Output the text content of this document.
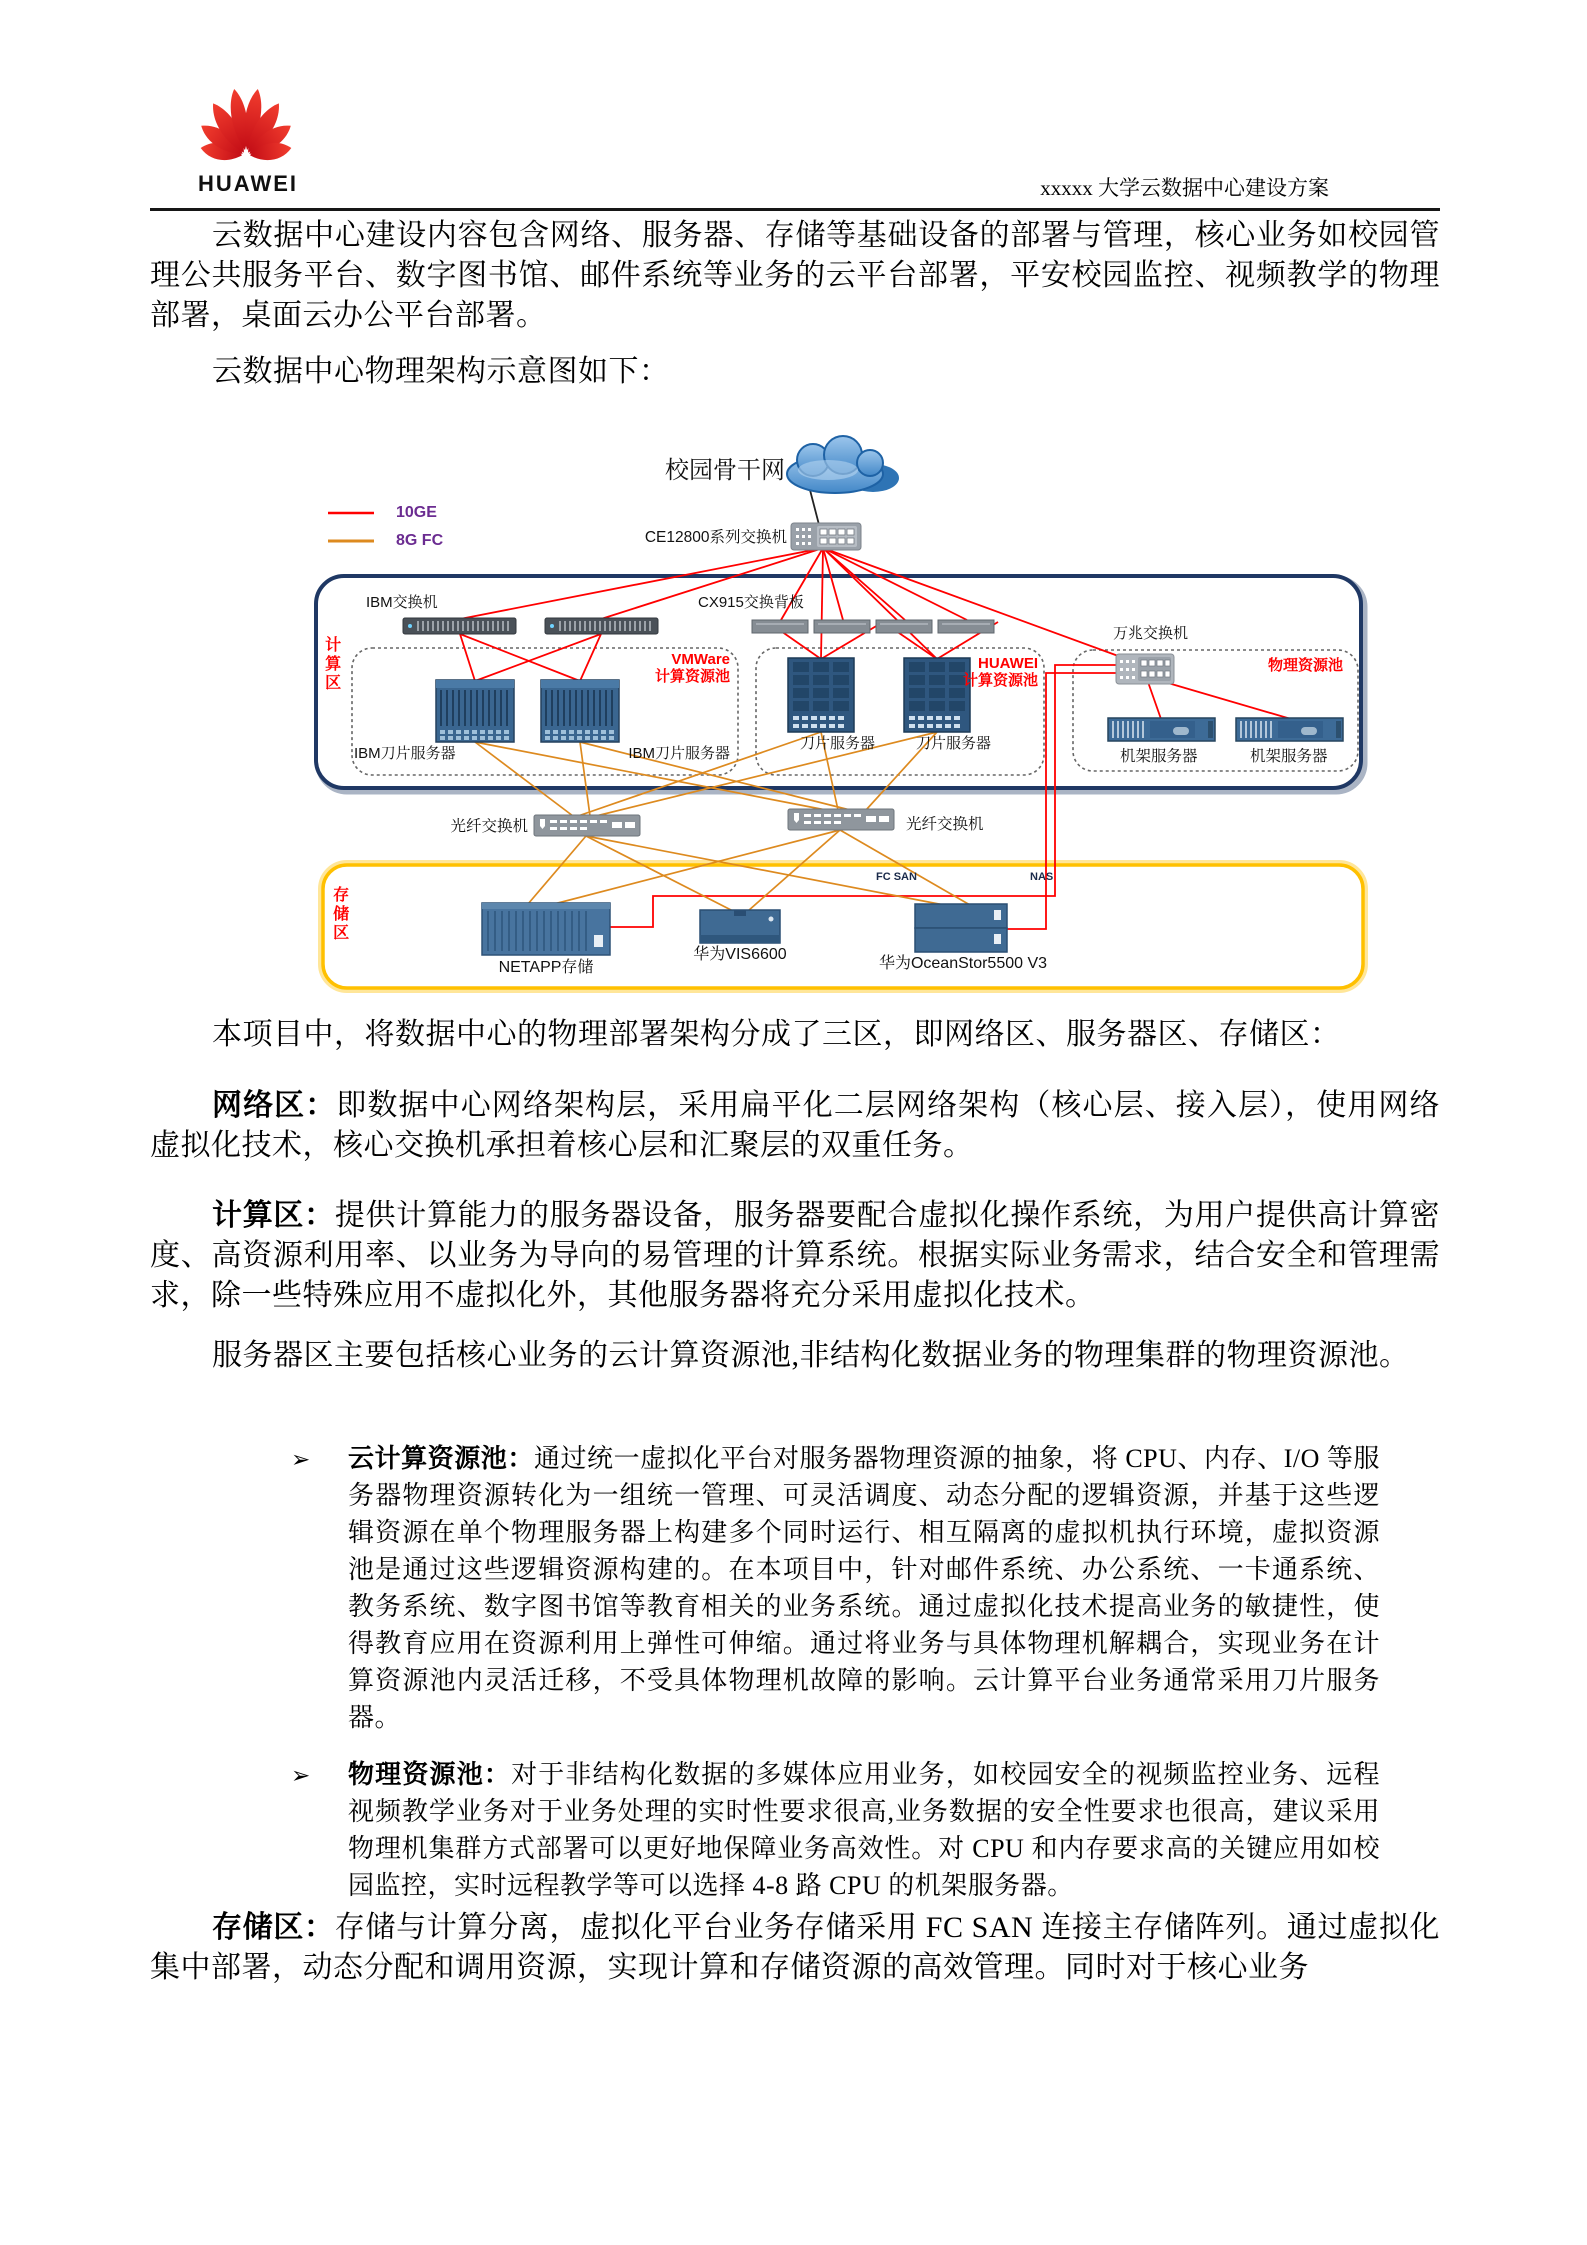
HUAWEI	xxxxx 大学云数据中心建设方案
云数据中心建设内容包含网络、服务器、存储等基础设备的部署与管理，核心业务如校园管理公共服务平台、数字图书馆、邮件系统等业务的云平台部署，平安校园监控、视频教学的物理部署，桌面云办公平台部署。
云数据中心物理架构示意图如下：
校园骨干网
CE12800系列交换机
10GE
8G FC
计算区
IBM交换机	CX915交换背板
万兆交换机
VMWare
计算资源池
HUAWEI
计算资源池
物理资源池
IBM刀片服务器	IBM刀片服务器
刀片服务器	刀片服务器
机架服务器	机架服务器
光纤交换机	光纤交换机
FC SAN	NAS
存储区
NETAPP存储
华为VIS6600
华为OceanStor5500 V3
本项目中，将数据中心的物理部署架构分成了三区，即网络区、服务器区、存储区：
网络区：即数据中心网络架构层，采用扁平化二层网络架构（核心层、接入层），使用网络虚拟化技术，核心交换机承担着核心层和汇聚层的双重任务。
计算区：提供计算能力的服务器设备，服务器要配合虚拟化操作系统，为用户提供高计算密度、高资源利用率、以业务为导向的易管理的计算系统。根据实际业务需求，结合安全和管理需求，除一些特殊应用不虚拟化外，其他服务器将充分采用虚拟化技术。
服务器区主要包括核心业务的云计算资源池,非结构化数据业务的物理集群的物理资源池。
➢ 云计算资源池：通过统一虚拟化平台对服务器物理资源的抽象，将 CPU、内存、I/O 等服务器物理资源转化为一组统一管理、可灵活调度、动态分配的逻辑资源，并基于这些逻辑资源在单个物理服务器上构建多个同时运行、相互隔离的虚拟机执行环境，虚拟资源池是通过这些逻辑资源构建的。在本项目中，针对邮件系统、办公系统、一卡通系统、教务系统、数字图书馆等教育相关的业务系统。通过虚拟化技术提高业务的敏捷性，使得教育应用在资源利用上弹性可伸缩。通过将业务与具体物理机解耦合，实现业务在计算资源池内灵活迁移，不受具体物理机故障的影响。云计算平台业务通常采用刀片服务器。
➢ 物理资源池：对于非结构化数据的多媒体应用业务，如校园安全的视频监控业务、远程视频教学业务对于业务处理的实时性要求很高,业务数据的安全性要求也很高，建议采用物理机集群方式部署可以更好地保障业务高效性。对 CPU 和内存要求高的关键应用如校园监控，实时远程教学等可以选择 4-8 路 CPU 的机架服务器。
存储区：存储与计算分离，虚拟化平台业务存储采用 FC SAN 连接主存储阵列。通过虚拟化集中部署，动态分配和调用资源，实现计算和存储资源的高效管理。同时对于核心业务
